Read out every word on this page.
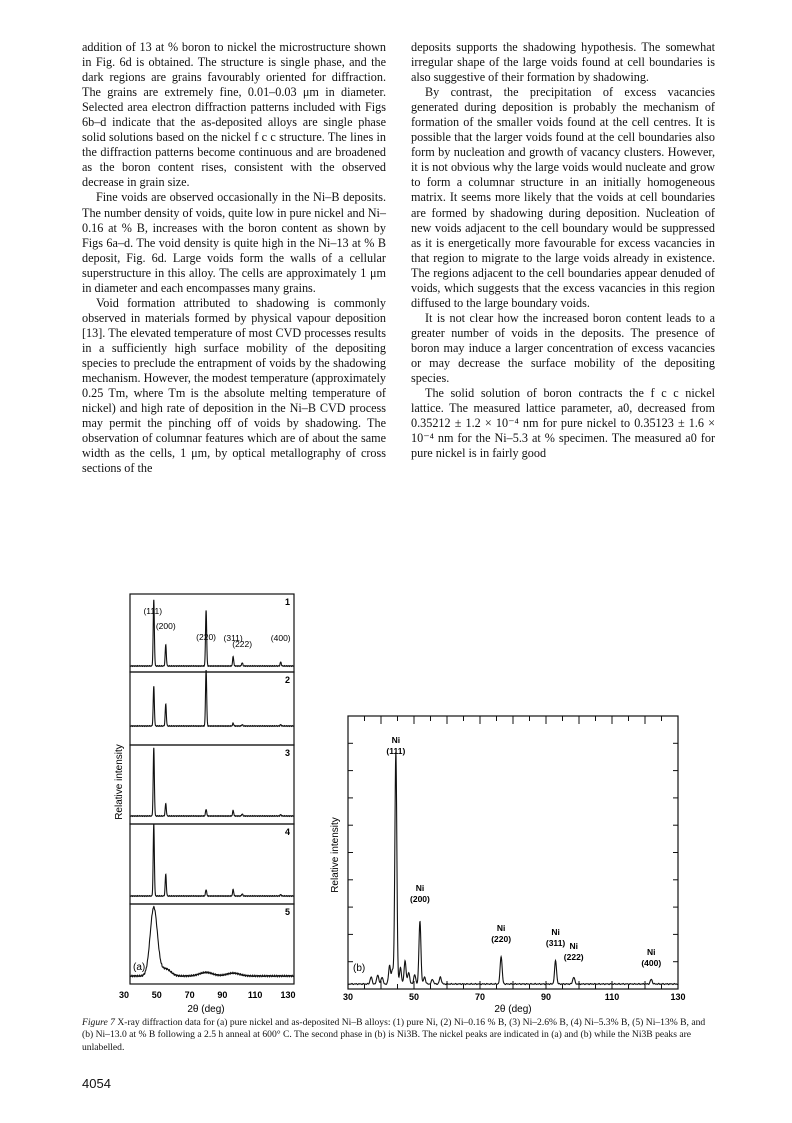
addition of 13 at % boron to nickel the microstructure shown in Fig. 6d is obtained. The structure is single phase, and the dark regions are grains favourably oriented for diffraction. The grains are extremely fine, 0.01–0.03 μm in diameter. Selected area electron diffraction patterns included with Figs 6b–d indicate that the as-deposited alloys are single phase solid solutions based on the nickel f c c structure. The lines in the diffraction patterns become continuous and are broadened as the boron content rises, consistent with the observed decrease in grain size.

Fine voids are observed occasionally in the Ni–B deposits. The number density of voids, quite low in pure nickel and Ni–0.16 at % B, increases with the boron content as shown by Figs 6a–d. The void density is quite high in the Ni–13 at % B deposit, Fig. 6d. Large voids form the walls of a cellular superstructure in this alloy. The cells are approximately 1 μm in diameter and each encompasses many grains.

Void formation attributed to shadowing is commonly observed in materials formed by physical vapour deposition [13]. The elevated temperature of most CVD processes results in a sufficiently high surface mobility of the depositing species to preclude the entrapment of voids by the shadowing mechanism. However, the modest temperature (approximately 0.25 Tm, where Tm is the absolute melting temperature of nickel) and high rate of deposition in the Ni–B CVD process may permit the pinching off of voids by shadowing. The observation of columnar features which are of about the same width as the cells, 1 μm, by optical metallography of cross sections of the

deposits supports the shadowing hypothesis. The somewhat irregular shape of the large voids found at cell boundaries is also suggestive of their formation by shadowing.

By contrast, the precipitation of excess vacancies generated during deposition is probably the mechanism of formation of the smaller voids found at the cell centres. It is possible that the larger voids found at the cell boundaries also form by nucleation and growth of vacancy clusters. However, it is not obvious why the large voids would nucleate and grow to form a columnar structure in an initially homogeneous matrix. It seems more likely that the voids at cell boundaries are formed by shadowing during deposition. Nucleation of new voids adjacent to the cell boundary would be suppressed as it is energetically more favourable for excess vacancies in that region to migrate to the large voids already in existence. The regions adjacent to the cell boundaries appear denuded of voids, which suggests that the excess vacancies in this region diffused to the large boundary voids.

It is not clear how the increased boron content leads to a greater number of voids in the deposits. The presence of boron may induce a larger concentration of excess vacancies or may decrease the surface mobility of the depositing species.

The solid solution of boron contracts the f c c nickel lattice. The measured lattice parameter, a0, decreased from 0.35212 ± 1.2 × 10⁻⁴ nm for pure nickel to 0.35123 ± 1.6 × 10⁻⁴ nm for the Ni–5.3 at % specimen. The measured a0 for pure nickel is in fairly good

(111)
(200)
(220) (311)
(222)
(400)
1
2
3
4
5
30	50	70	90 110 130
(a)
Relative intensity
2θ (deg)
Ni (111)
Ni (200)
Ni (220)
Ni (311) Ni (222)	Ni (400)
30	50	70	90	110	130
(b)
Relative intensity
2θ (deg)
Figure 7 X-ray diffraction data for (a) pure nickel and as-deposited Ni–B alloys: (1) pure Ni, (2) Ni–0.16 % B, (3) Ni–2.6% B, (4) Ni–5.3% B, (5) Ni–13% B, and (b) Ni–13.0 at % B following a 2.5 h anneal at 600° C. The second phase in (b) is Ni3B. The nickel peaks are indicated in (a) and (b) while the Ni3B peaks are unlabelled.
4054
